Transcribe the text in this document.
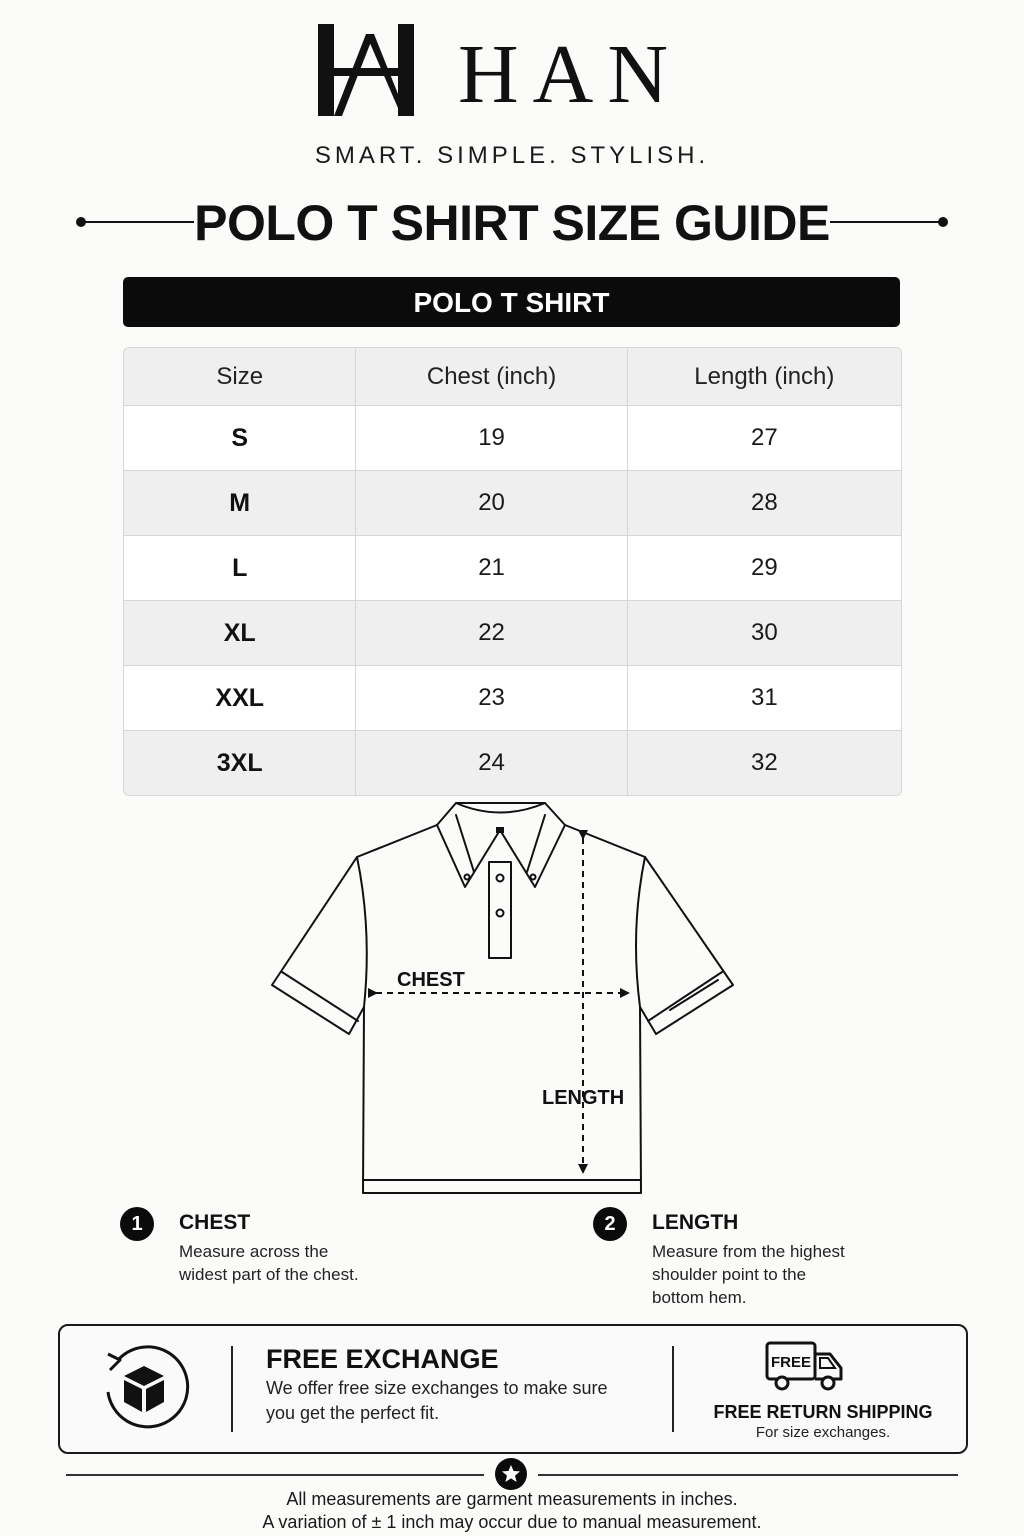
HAN
SMART. SIMPLE. STYLISH.
POLO T SHIRT SIZE GUIDE
POLO T SHIRT
Size	Chest (inch)	Length (inch)
S	19	27
M	20	28
L	21	29
XL	22	30
XXL	23	31
3XL	24	32
CHEST
LENGTH
1	CHEST
Measure across the
widest part of the chest.
2	LENGTH
Measure from the highest
shoulder point to the
bottom hem.
FREE EXCHANGE
We offer free size exchanges to make sure
you get the perfect fit.
FREE
FREE RETURN SHIPPING
For size exchanges.
All measurements are garment measurements in inches.
A variation of ± 1 inch may occur due to manual measurement.
